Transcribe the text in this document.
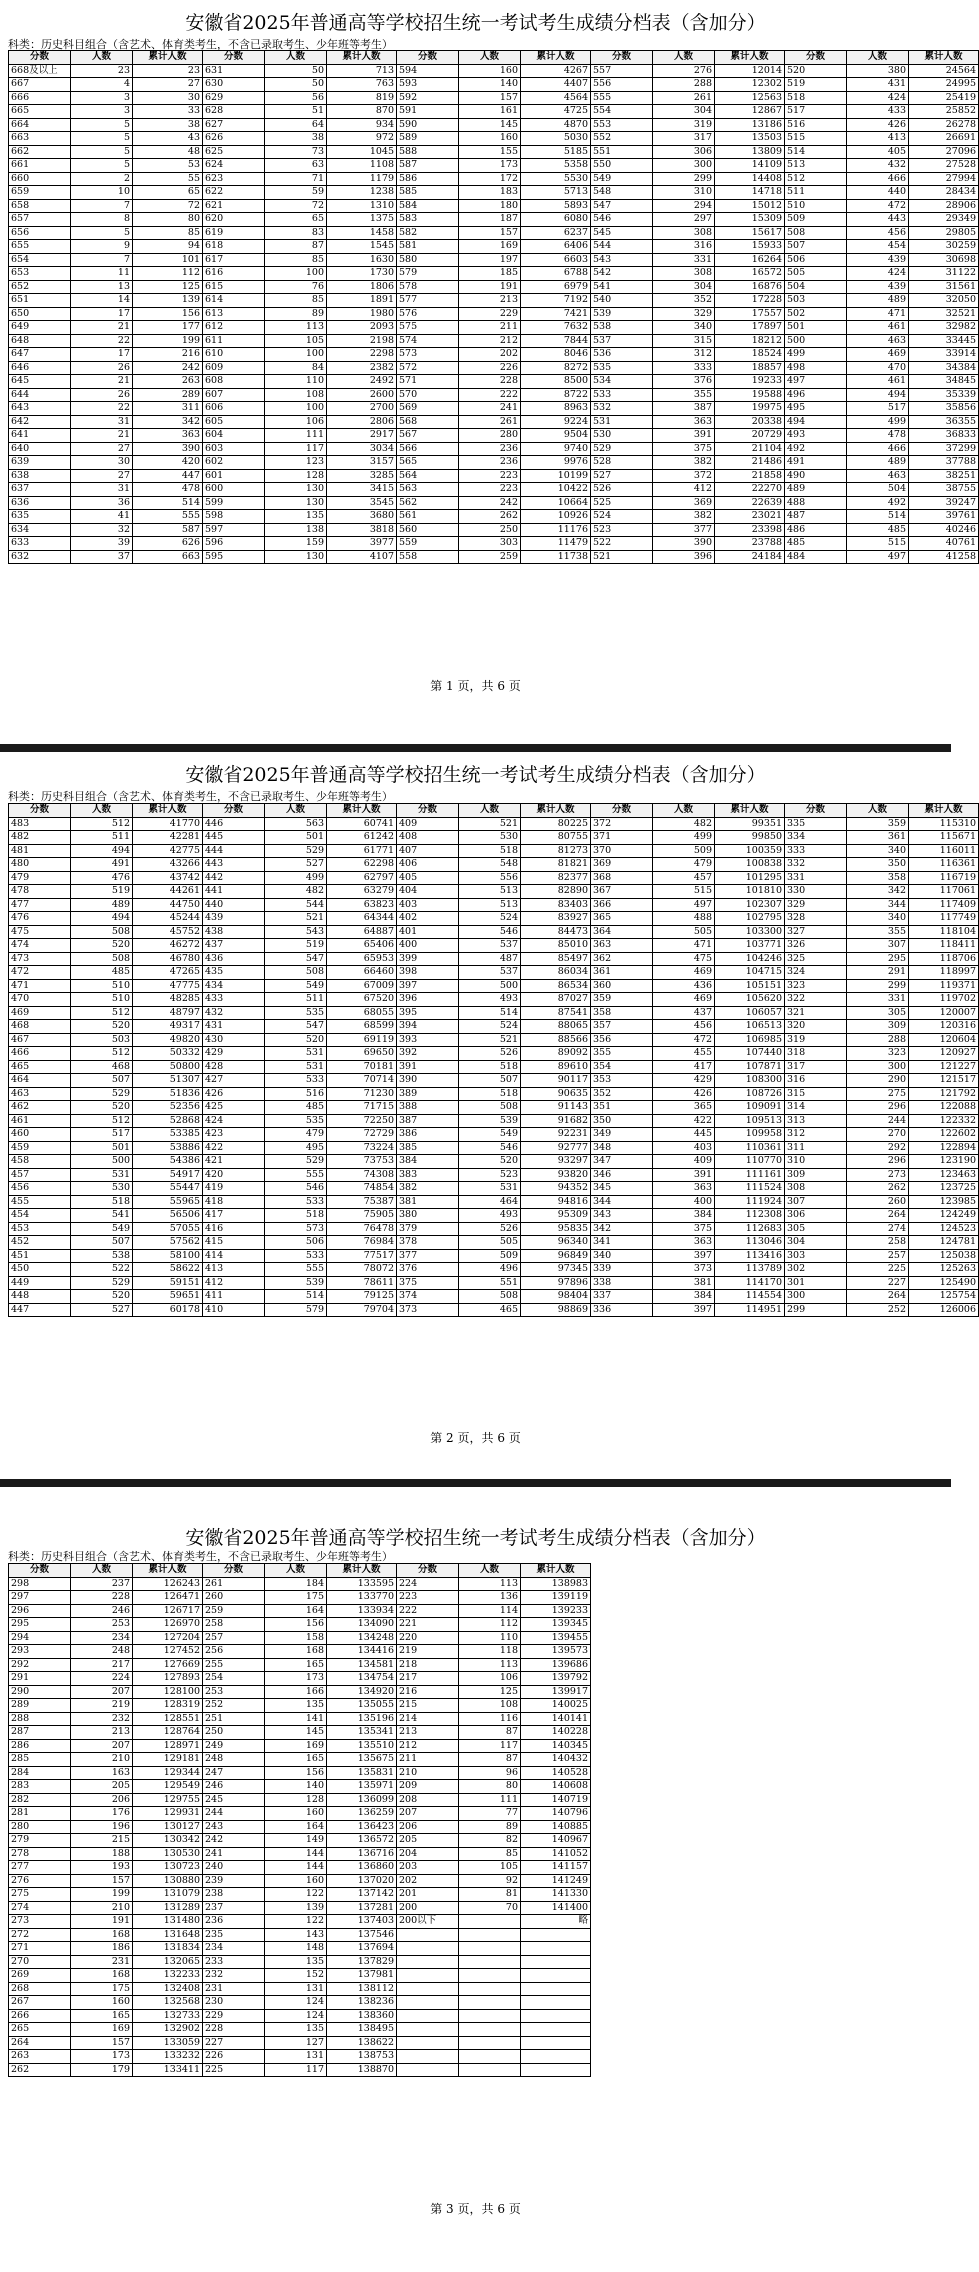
安徽省2025年普通高等学校招生统一考试考生成绩分档表（含加分）
科类：历史科目组合（含艺术、体育类考生，不含已录取考生、少年班等考生）
分数	人数	累计人数	分数	人数	累计人数	分数	人数	累计人数	分数	人数	累计人数	分数	人数	累计人数
668及以上	23	23	631	50	713	594	160	4267	557	276	12014	520	380	24564
667	4	27	630	50	763	593	140	4407	556	288	12302	519	431	24995
666	3	30	629	56	819	592	157	4564	555	261	12563	518	424	25419
665	3	33	628	51	870	591	161	4725	554	304	12867	517	433	25852
664	5	38	627	64	934	590	145	4870	553	319	13186	516	426	26278
663	5	43	626	38	972	589	160	5030	552	317	13503	515	413	26691
662	5	48	625	73	1045	588	155	5185	551	306	13809	514	405	27096
661	5	53	624	63	1108	587	173	5358	550	300	14109	513	432	27528
660	2	55	623	71	1179	586	172	5530	549	299	14408	512	466	27994
659	10	65	622	59	1238	585	183	5713	548	310	14718	511	440	28434
658	7	72	621	72	1310	584	180	5893	547	294	15012	510	472	28906
657	8	80	620	65	1375	583	187	6080	546	297	15309	509	443	29349
656	5	85	619	83	1458	582	157	6237	545	308	15617	508	456	29805
655	9	94	618	87	1545	581	169	6406	544	316	15933	507	454	30259
654	7	101	617	85	1630	580	197	6603	543	331	16264	506	439	30698
653	11	112	616	100	1730	579	185	6788	542	308	16572	505	424	31122
652	13	125	615	76	1806	578	191	6979	541	304	16876	504	439	31561
651	14	139	614	85	1891	577	213	7192	540	352	17228	503	489	32050
650	17	156	613	89	1980	576	229	7421	539	329	17557	502	471	32521
649	21	177	612	113	2093	575	211	7632	538	340	17897	501	461	32982
648	22	199	611	105	2198	574	212	7844	537	315	18212	500	463	33445
647	17	216	610	100	2298	573	202	8046	536	312	18524	499	469	33914
646	26	242	609	84	2382	572	226	8272	535	333	18857	498	470	34384
645	21	263	608	110	2492	571	228	8500	534	376	19233	497	461	34845
644	26	289	607	108	2600	570	222	8722	533	355	19588	496	494	35339
643	22	311	606	100	2700	569	241	8963	532	387	19975	495	517	35856
642	31	342	605	106	2806	568	261	9224	531	363	20338	494	499	36355
641	21	363	604	111	2917	567	280	9504	530	391	20729	493	478	36833
640	27	390	603	117	3034	566	236	9740	529	375	21104	492	466	37299
639	30	420	602	123	3157	565	236	9976	528	382	21486	491	489	37788
638	27	447	601	128	3285	564	223	10199	527	372	21858	490	463	38251
637	31	478	600	130	3415	563	223	10422	526	412	22270	489	504	38755
636	36	514	599	130	3545	562	242	10664	525	369	22639	488	492	39247
635	41	555	598	135	3680	561	262	10926	524	382	23021	487	514	39761
634	32	587	597	138	3818	560	250	11176	523	377	23398	486	485	40246
633	39	626	596	159	3977	559	303	11479	522	390	23788	485	515	40761
632	37	663	595	130	4107	558	259	11738	521	396	24184	484	497	41258
第 1 页，共 6 页
安徽省2025年普通高等学校招生统一考试考生成绩分档表（含加分）
科类：历史科目组合（含艺术、体育类考生，不含已录取考生、少年班等考生）
分数	人数	累计人数	分数	人数	累计人数	分数	人数	累计人数	分数	人数	累计人数	分数	人数	累计人数
483	512	41770	446	563	60741	409	521	80225	372	482	99351	335	359	115310
482	511	42281	445	501	61242	408	530	80755	371	499	99850	334	361	115671
481	494	42775	444	529	61771	407	518	81273	370	509	100359	333	340	116011
480	491	43266	443	527	62298	406	548	81821	369	479	100838	332	350	116361
479	476	43742	442	499	62797	405	556	82377	368	457	101295	331	358	116719
478	519	44261	441	482	63279	404	513	82890	367	515	101810	330	342	117061
477	489	44750	440	544	63823	403	513	83403	366	497	102307	329	344	117409
476	494	45244	439	521	64344	402	524	83927	365	488	102795	328	340	117749
475	508	45752	438	543	64887	401	546	84473	364	505	103300	327	355	118104
474	520	46272	437	519	65406	400	537	85010	363	471	103771	326	307	118411
473	508	46780	436	547	65953	399	487	85497	362	475	104246	325	295	118706
472	485	47265	435	508	66460	398	537	86034	361	469	104715	324	291	118997
471	510	47775	434	549	67009	397	500	86534	360	436	105151	323	299	119371
470	510	48285	433	511	67520	396	493	87027	359	469	105620	322	331	119702
469	512	48797	432	535	68055	395	514	87541	358	437	106057	321	305	120007
468	520	49317	431	547	68599	394	524	88065	357	456	106513	320	309	120316
467	503	49820	430	520	69119	393	521	88566	356	472	106985	319	288	120604
466	512	50332	429	531	69650	392	526	89092	355	455	107440	318	323	120927
465	468	50800	428	531	70181	391	518	89610	354	417	107871	317	300	121227
464	507	51307	427	533	70714	390	507	90117	353	429	108300	316	290	121517
463	529	51836	426	516	71230	389	518	90635	352	426	108726	315	275	121792
462	520	52356	425	485	71715	388	508	91143	351	365	109091	314	296	122088
461	512	52868	424	535	72250	387	539	91682	350	422	109513	313	244	122332
460	517	53385	423	479	72729	386	549	92231	349	445	109958	312	270	122602
459	501	53886	422	495	73224	385	546	92777	348	403	110361	311	292	122894
458	500	54386	421	529	73753	384	520	93297	347	409	110770	310	296	123190
457	531	54917	420	555	74308	383	523	93820	346	391	111161	309	273	123463
456	530	55447	419	546	74854	382	531	94352	345	363	111524	308	262	123725
455	518	55965	418	533	75387	381	464	94816	344	400	111924	307	260	123985
454	541	56506	417	518	75905	380	493	95309	343	384	112308	306	264	124249
453	549	57055	416	573	76478	379	526	95835	342	375	112683	305	274	124523
452	507	57562	415	506	76984	378	505	96340	341	363	113046	304	258	124781
451	538	58100	414	533	77517	377	509	96849	340	397	113416	303	257	125038
450	522	58622	413	555	78072	376	496	97345	339	373	113789	302	225	125263
449	529	59151	412	539	78611	375	551	97896	338	381	114170	301	227	125490
448	520	59651	411	514	79125	374	508	98404	337	384	114554	300	264	125754
447	527	60178	410	579	79704	373	465	98869	336	397	114951	299	252	126006
第 2 页，共 6 页
安徽省2025年普通高等学校招生统一考试考生成绩分档表（含加分）
科类：历史科目组合（含艺术、体育类考生，不含已录取考生、少年班等考生）
分数	人数	累计人数	分数	人数	累计人数	分数	人数	累计人数
298	237	126243	261	184	133595	224	113	138983
297	228	126471	260	175	133770	223	136	139119
296	246	126717	259	164	133934	222	114	139233
295	253	126970	258	156	134090	221	112	139345
294	234	127204	257	158	134248	220	110	139455
293	248	127452	256	168	134416	219	118	139573
292	217	127669	255	165	134581	218	113	139686
291	224	127893	254	173	134754	217	106	139792
290	207	128100	253	166	134920	216	125	139917
289	219	128319	252	135	135055	215	108	140025
288	232	128551	251	141	135196	214	116	140141
287	213	128764	250	145	135341	213	87	140228
286	207	128971	249	169	135510	212	117	140345
285	210	129181	248	165	135675	211	87	140432
284	163	129344	247	156	135831	210	96	140528
283	205	129549	246	140	135971	209	80	140608
282	206	129755	245	128	136099	208	111	140719
281	176	129931	244	160	136259	207	77	140796
280	196	130127	243	164	136423	206	89	140885
279	215	130342	242	149	136572	205	82	140967
278	188	130530	241	144	136716	204	85	141052
277	193	130723	240	144	136860	203	105	141157
276	157	130880	239	160	137020	202	92	141249
275	199	131079	238	122	137142	201	81	141330
274	210	131289	237	139	137281	200	70	141400
273	191	131480	236	122	137403	200以下		略
272	168	131648	235	143	137546			
271	186	131834	234	148	137694			
270	231	132065	233	135	137829			
269	168	132233	232	152	137981			
268	175	132408	231	131	138112			
267	160	132568	230	124	138236			
266	165	132733	229	124	138360			
265	169	132902	228	135	138495			
264	157	133059	227	127	138622			
263	173	133232	226	131	138753			
262	179	133411	225	117	138870			
第 3 页，共 6 页
